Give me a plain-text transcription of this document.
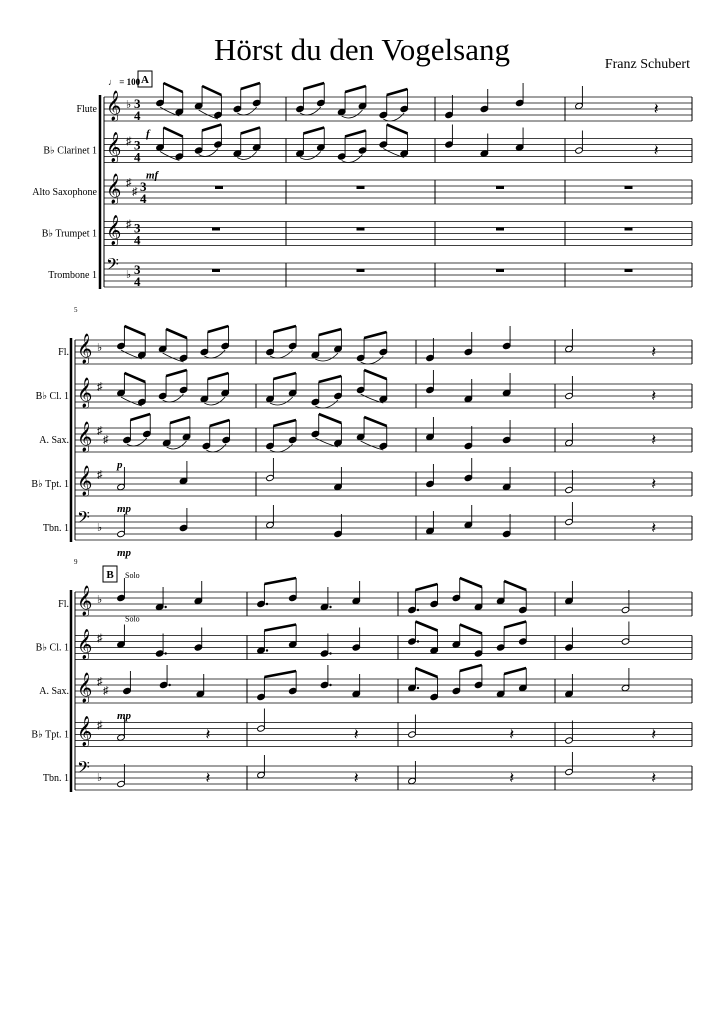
Hörst du den Vogelsang	Franz Schubert
A
♩ = 100
Flute 𝄞 ♭ 3
4	𝄽
f
B♭ Clarinet 1 𝄞 ♯ 3
4	𝄽
mf
Alto Saxophone 𝄞 ♯
♯ 3
4
B♭ Trumpet 1 𝄞 ♯ 3
4
Trombone 1 𝄢 ♭ 3
4
5
Fl. 𝄞 ♭	𝄽
B♭ Cl. 1 𝄞 ♯
𝄽
A. Sax. 𝄞 ♯
♯	𝄽
p
B♭ Tpt. 1 𝄞 ♯
𝄽
mp
Tbn. 1 𝄢 ♭	𝄽
mp
9
B
Fl. 𝄞 ♭
B♭ Cl. 1 𝄞 ♯
A. Sax. 𝄞 ♯
♯
mp
B♭ Tpt. 1 𝄞 ♯
𝄽	𝄽	𝄽	𝄽
Tbn. 1 𝄢 ♭	𝄽	𝄽	𝄽	𝄽
Solo
Solo
